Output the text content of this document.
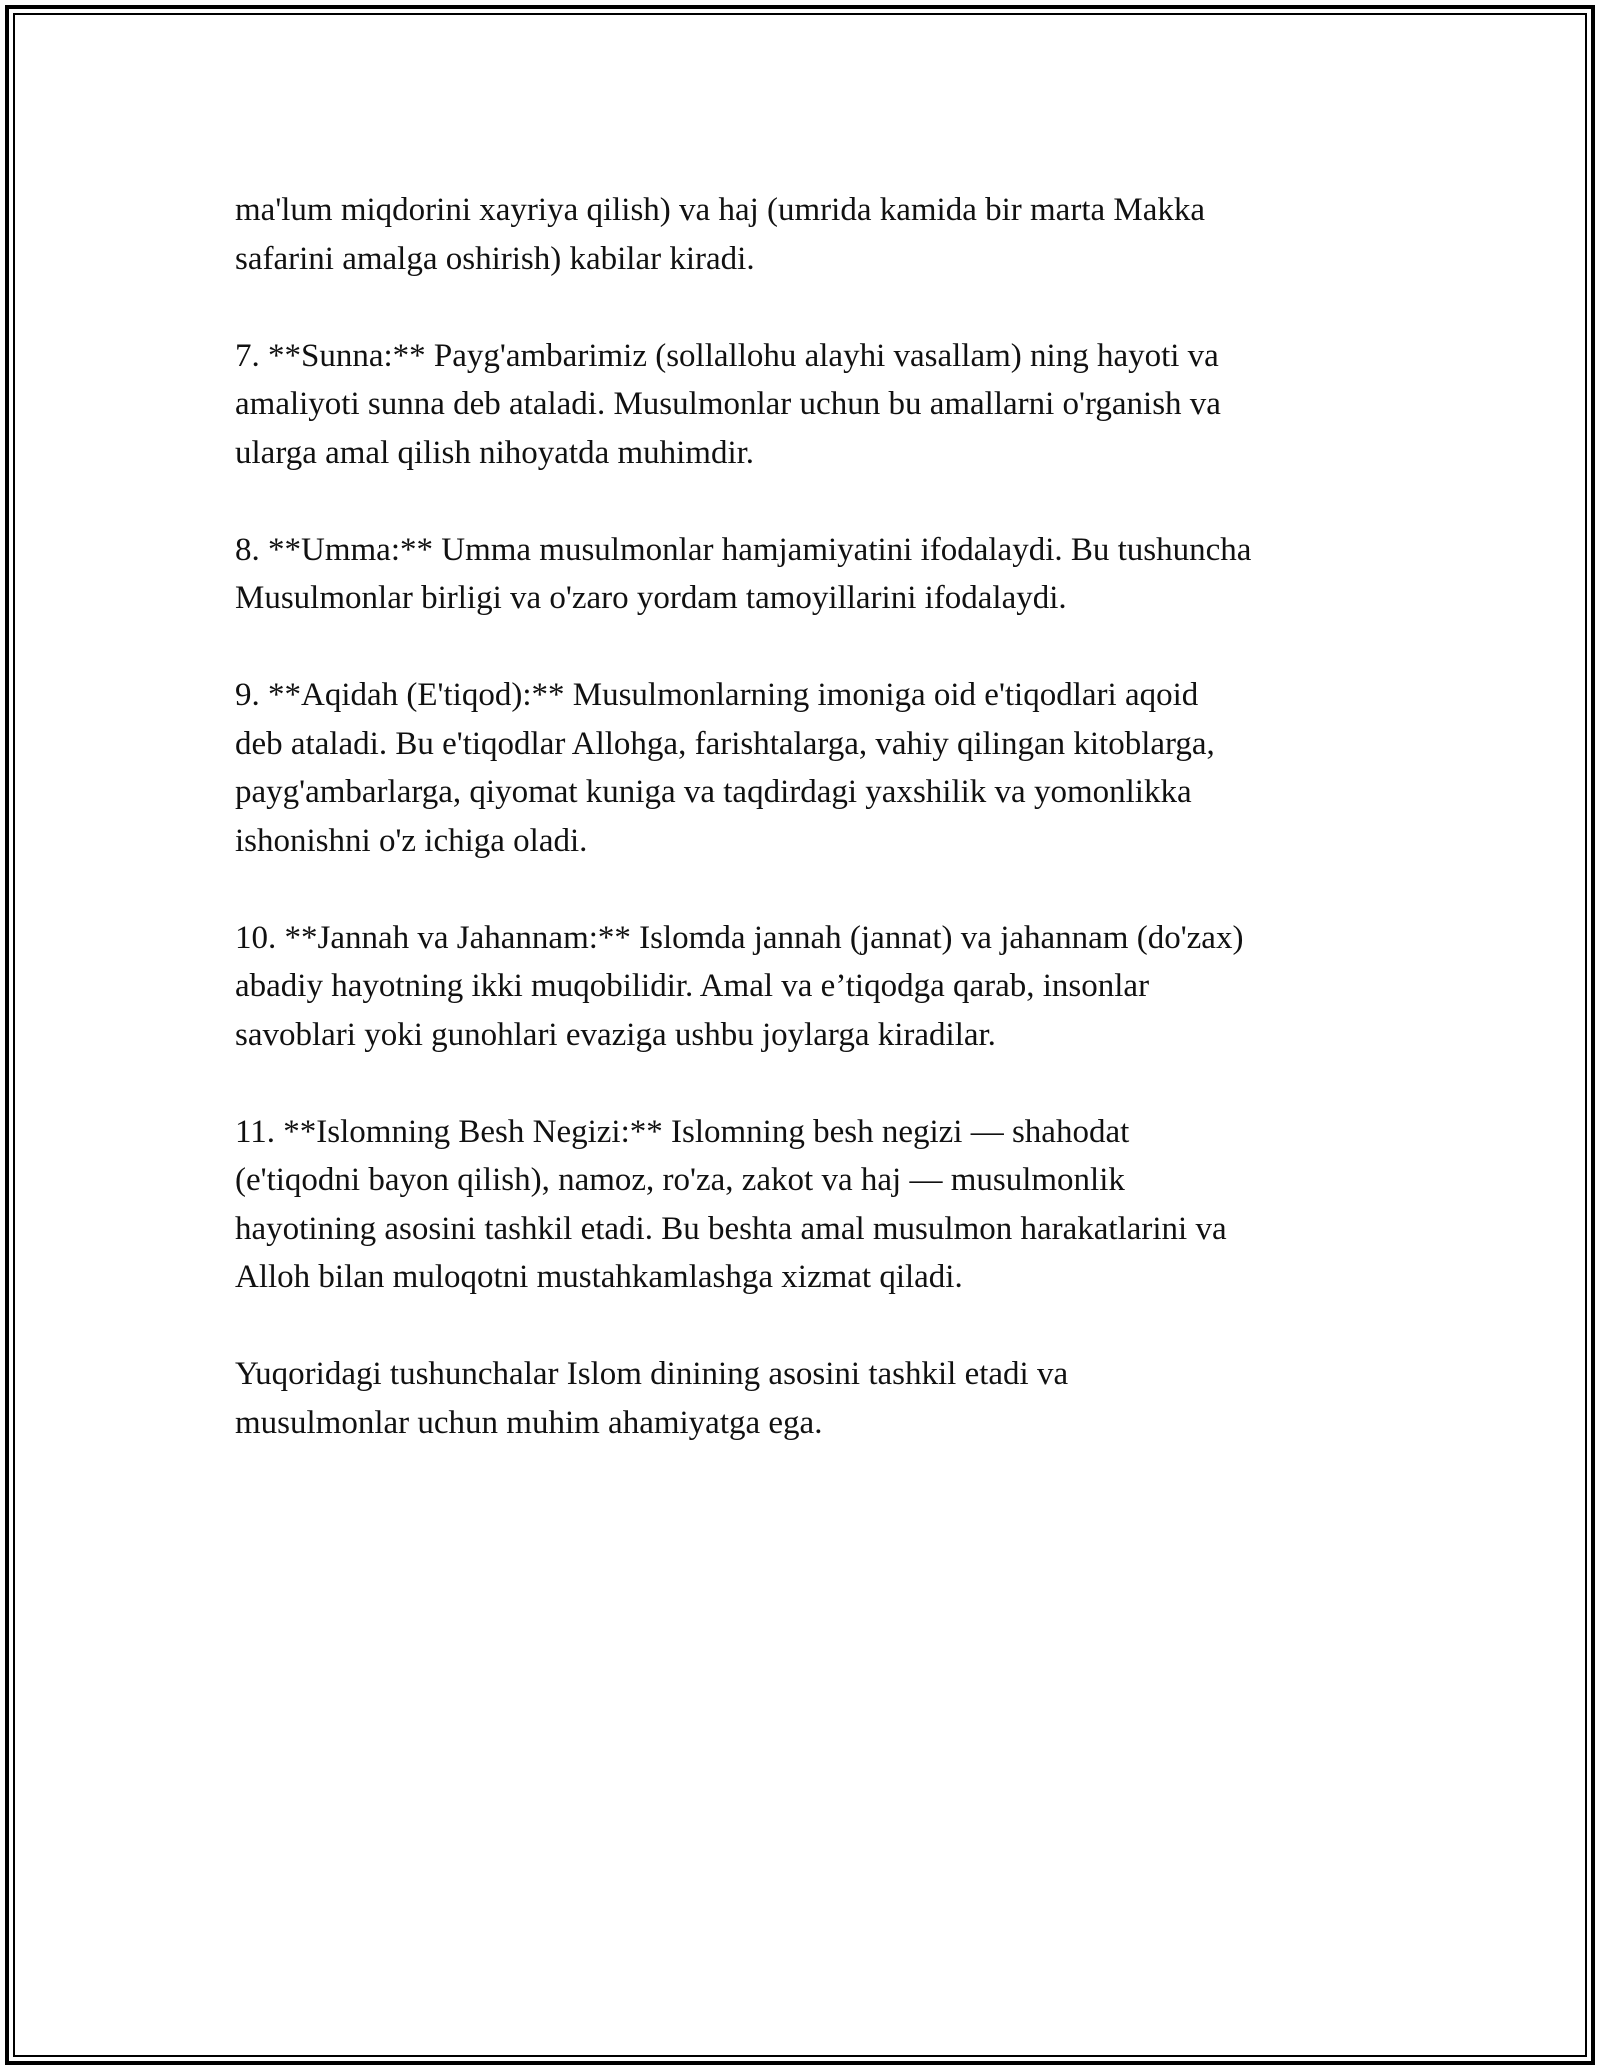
ma'lum miqdorini xayriya qilish) va haj (umrida kamida bir marta Makka
safarini amalga oshirish) kabilar kiradi.

7. **Sunna:** Payg'ambarimiz (sollallohu alayhi vasallam) ning hayoti va
amaliyoti sunna deb ataladi. Musulmonlar uchun bu amallarni o'rganish va
ularga amal qilish nihoyatda muhimdir.

8. **Umma:** Umma musulmonlar hamjamiyatini ifodalaydi. Bu tushuncha
Musulmonlar birligi va o'zaro yordam tamoyillarini ifodalaydi.

9. **Aqidah (E'tiqod):** Musulmonlarning imoniga oid e'tiqodlari aqoid
deb ataladi. Bu e'tiqodlar Allohga, farishtalarga, vahiy qilingan kitoblarga,
payg'ambarlarga, qiyomat kuniga va taqdirdagi yaxshilik va yomonlikka
ishonishni o'z ichiga oladi.

10. **Jannah va Jahannam:** Islomda jannah (jannat) va jahannam (do'zax)
abadiy hayotning ikki muqobilidir. Amal va e’tiqodga qarab, insonlar
savoblari yoki gunohlari evaziga ushbu joylarga kiradilar.

11. **Islomning Besh Negizi:** Islomning besh negizi — shahodat
(e'tiqodni bayon qilish), namoz, ro'za, zakot va haj — musulmonlik
hayotining asosini tashkil etadi. Bu beshta amal musulmon harakatlarini va
Alloh bilan muloqotni mustahkamlashga xizmat qiladi.

Yuqoridagi tushunchalar Islom dinining asosini tashkil etadi va
musulmonlar uchun muhim ahamiyatga ega.
